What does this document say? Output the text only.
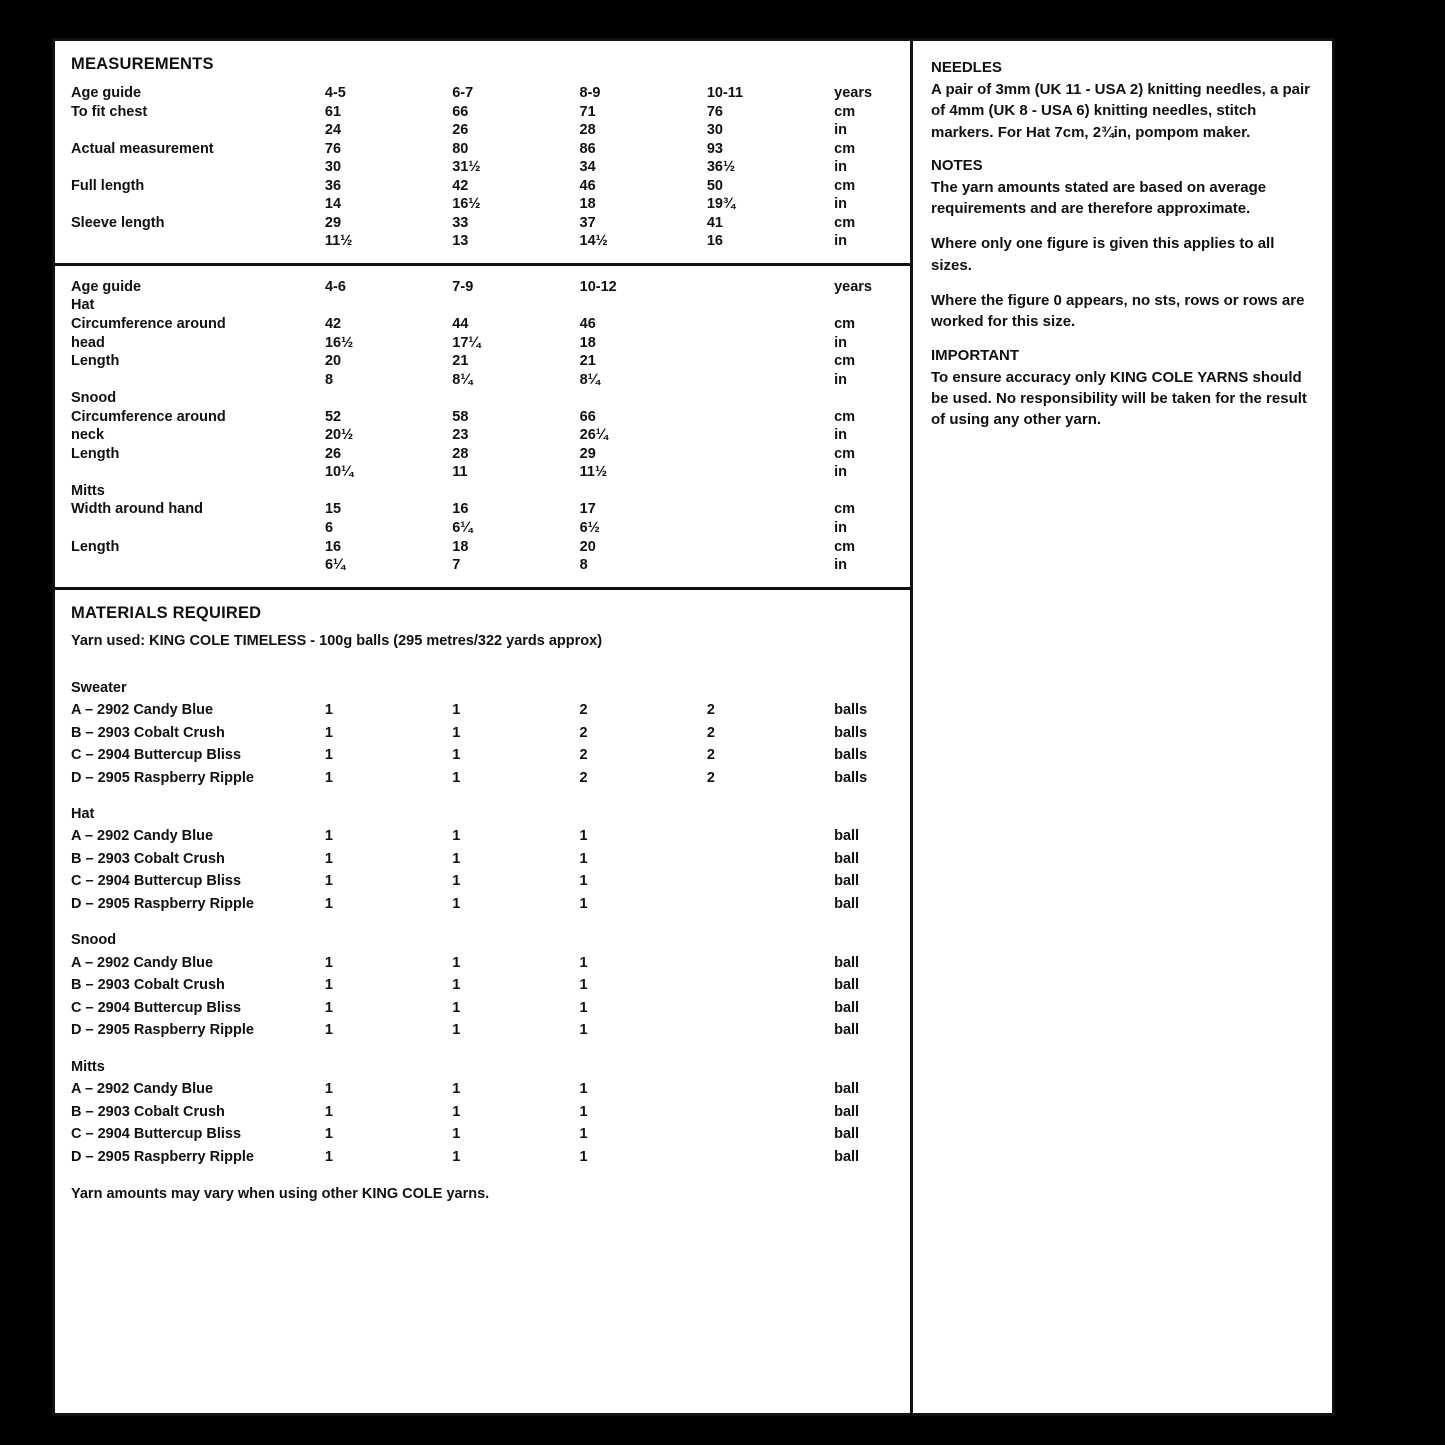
MEASUREMENTS
Age guide	4-5	6-7	8-9	10-11	years
To fit chest	61	66	71	76	cm
	24	26	28	30	in
Actual measurement	76	80	86	93	cm
	30	31½	34	36½	in
Full length	36	42	46	50	cm
	14	16½	18	19¾	in
Sleeve length	29	33	37	41	cm
	11½	13	14½	16	in
Age guide	4-6	7-9	10-12		years
Hat					
Circumference around	42	44	46		cm
head	16½	17¼	18		in
Length	20	21	21		cm
	8	8¼	8¼		in
Snood					
Circumference around	52	58	66		cm
neck	20½	23	26¼		in
Length	26	28	29		cm
	10¼	11	11½		in
Mitts					
Width around hand	15	16	17		cm
	6	6¼	6½		in
Length	16	18	20		cm
	6¼	7	8		in
MATERIALS REQUIRED
Yarn used: KING COLE TIMELESS - 100g balls (295 metres/322 yards approx)
Sweater					
A – 2902 Candy Blue	1	1	2	2	balls
B – 2903 Cobalt Crush	1	1	2	2	balls
C – 2904 Buttercup Bliss	1	1	2	2	balls
D – 2905 Raspberry Ripple	1	1	2	2	balls
Hat					
A – 2902 Candy Blue	1	1	1		ball
B – 2903 Cobalt Crush	1	1	1		ball
C – 2904 Buttercup Bliss	1	1	1		ball
D – 2905 Raspberry Ripple	1	1	1		ball
Snood					
A – 2902 Candy Blue	1	1	1		ball
B – 2903 Cobalt Crush	1	1	1		ball
C – 2904 Buttercup Bliss	1	1	1		ball
D – 2905 Raspberry Ripple	1	1	1		ball
Mitts					
A – 2902 Candy Blue	1	1	1		ball
B – 2903 Cobalt Crush	1	1	1		ball
C – 2904 Buttercup Bliss	1	1	1		ball
D – 2905 Raspberry Ripple	1	1	1		ball
Yarn amounts may vary when using other KING COLE yarns.
NEEDLES

A pair of 3mm (UK 11 - USA 2) knitting needles, a pair of 4mm (UK 8 - USA 6) knitting needles, stitch markers. For Hat 7cm, 2¾in, pompom maker.

NOTES

The yarn amounts stated are based on average requirements and are therefore approximate.

Where only one figure is given this applies to all sizes.

Where the figure 0 appears, no sts, rows or rows are worked for this size.

IMPORTANT

To ensure accuracy only KING COLE YARNS should be used. No responsibility will be taken for the result of using any other yarn.
